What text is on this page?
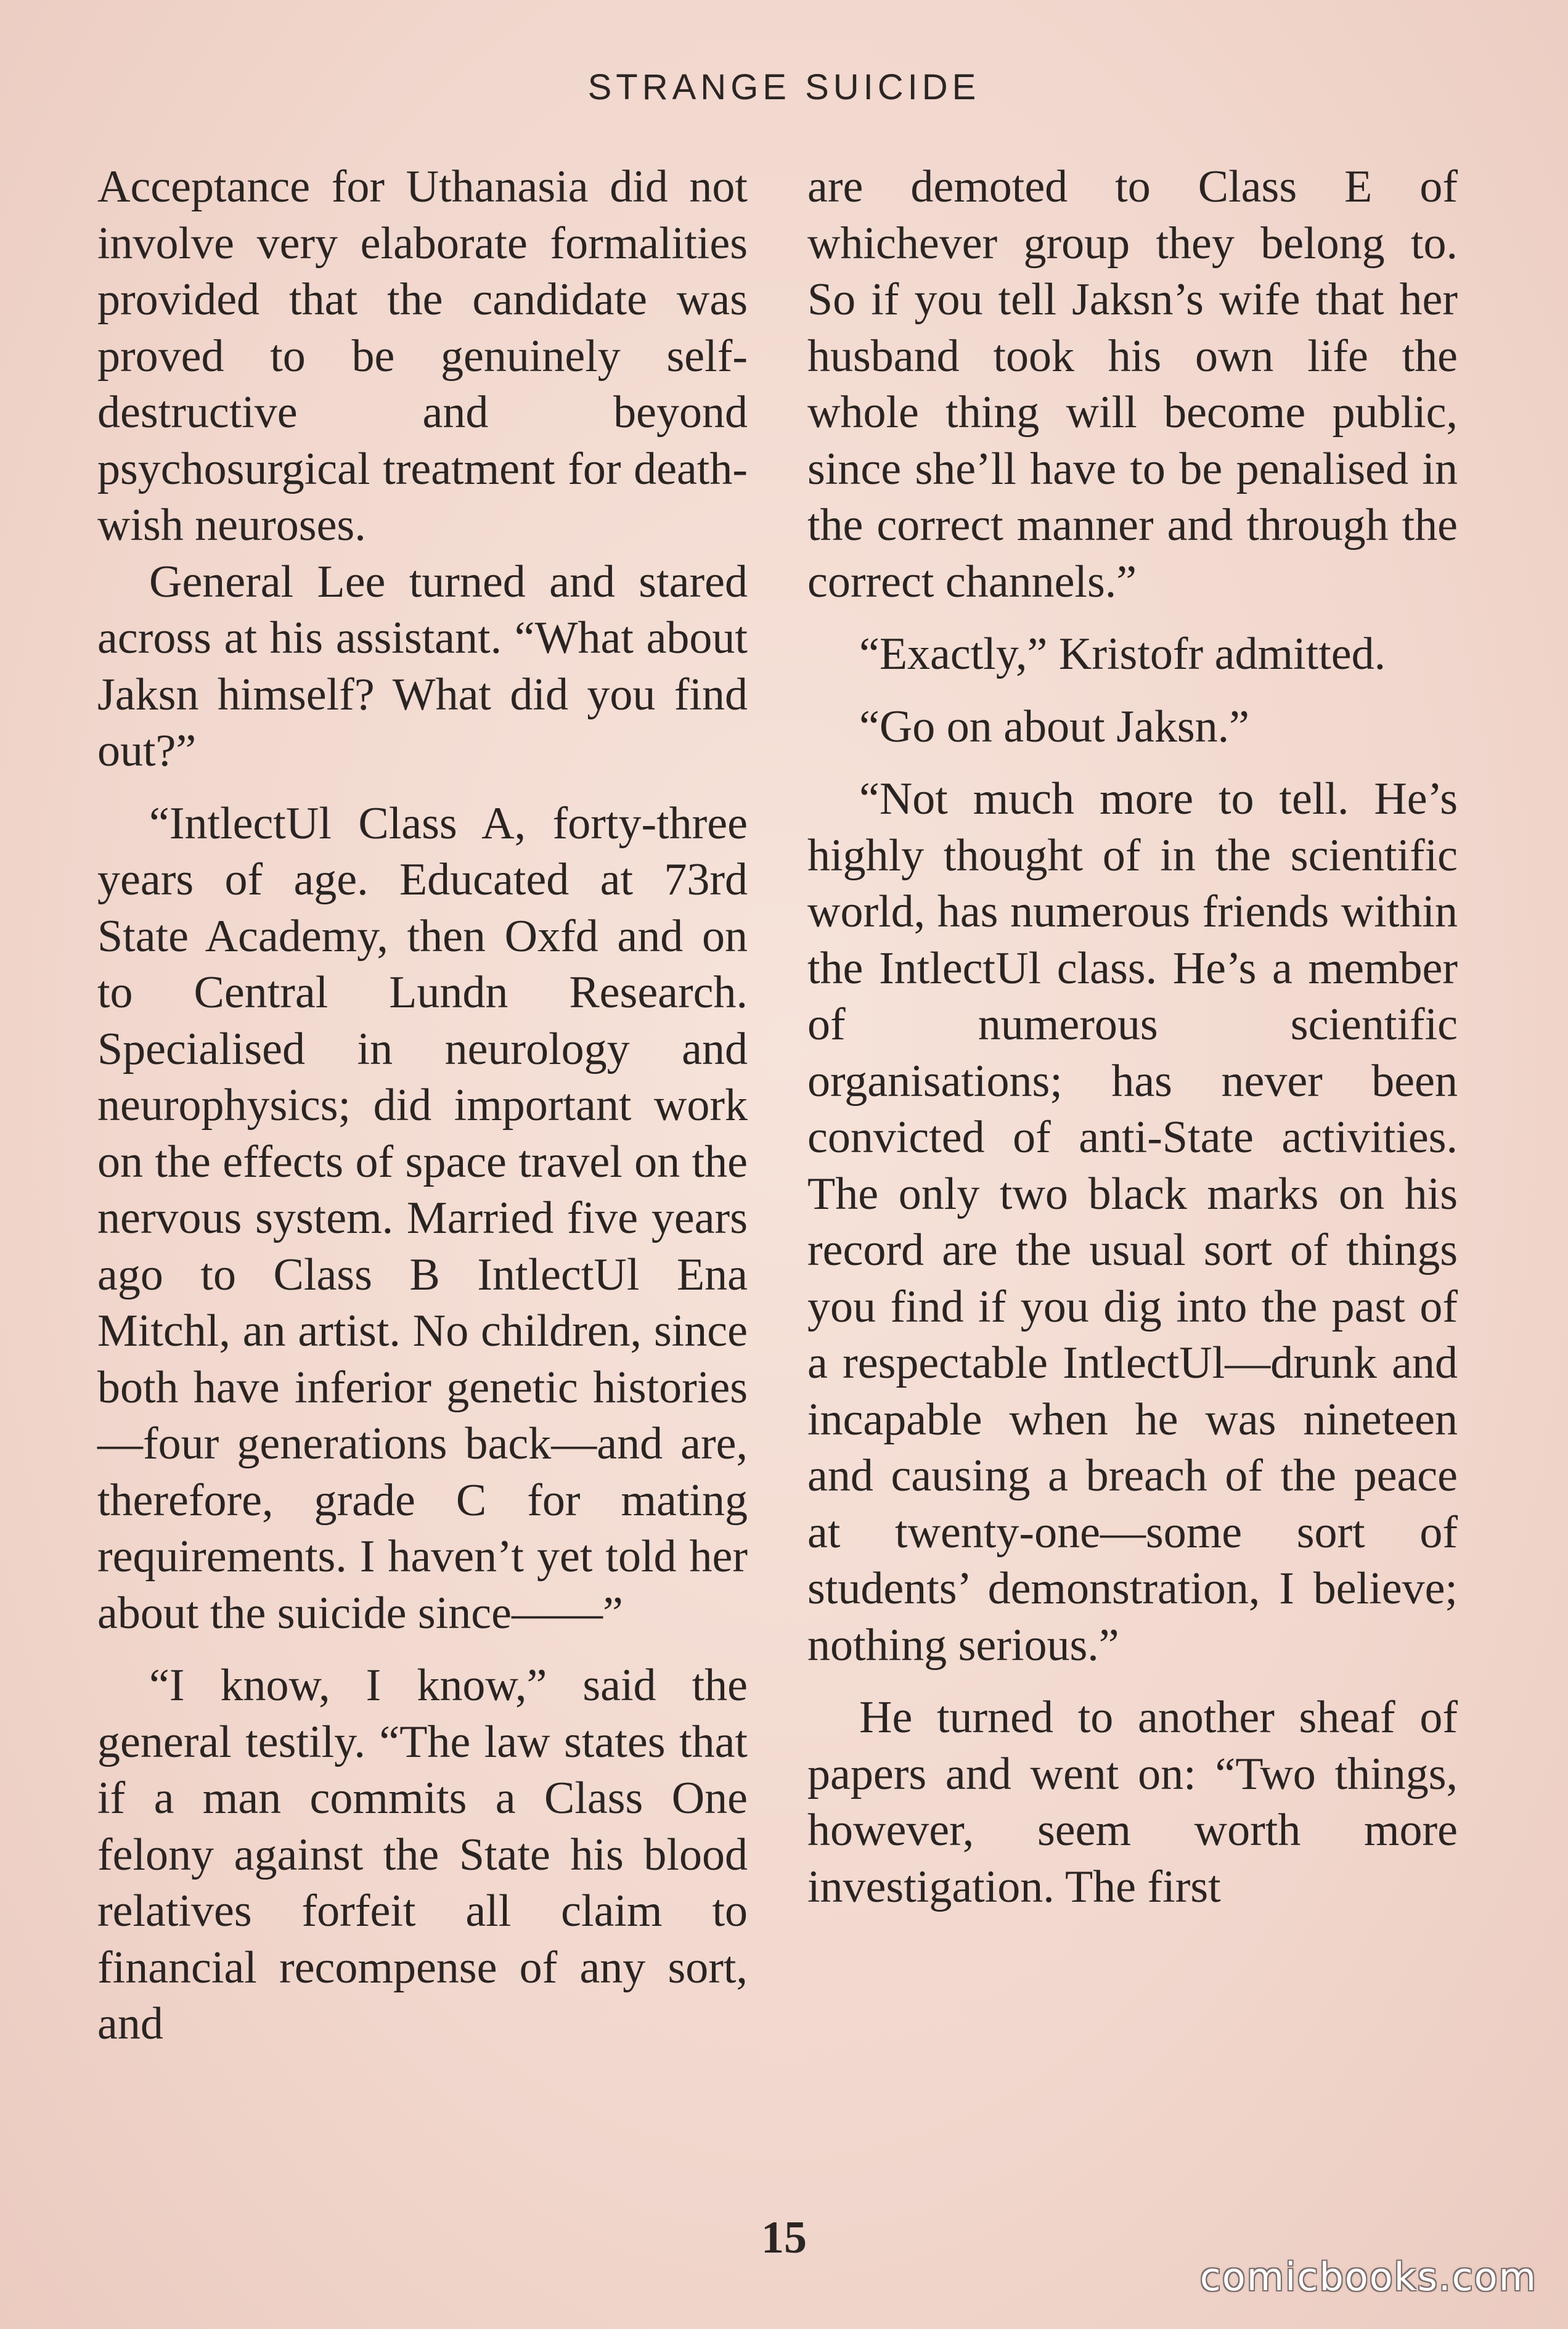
STRANGE SUICIDE

Acceptance for Uthanasia did not involve very elaborate formalities provided that the candidate was proved to be genuinely self-destructive and beyond psychosurgical treatment for death-wish neuroses.

General Lee turned and stared across at his assistant. “What about Jaksn himself? What did you find out?”

“IntlectUl Class A, forty-three years of age. Educated at 73rd State Academy, then Oxfd and on to Central Lundn Research. Specialised in neurology and neurophysics; did important work on the effects of space travel on the nervous system. Married five years ago to Class B IntlectUl Ena Mitchl, an artist. No children, since both have inferior genetic histories—four generations back—and are, therefore, grade C for mating requirements. I haven’t yet told her about the suicide since——”

“I know, I know,” said the general testily. “The law states that if a man commits a Class One felony against the State his blood relatives forfeit all claim to financial recompense of any sort, and

are demoted to Class E of whichever group they belong to. So if you tell Jaksn’s wife that her husband took his own life the whole thing will become public, since she’ll have to be penalised in the correct manner and through the correct channels.”

“Exactly,” Kristofr admitted.

“Go on about Jaksn.”

“Not much more to tell. He’s highly thought of in the scientific world, has numerous friends within the IntlectUl class. He’s a member of numerous scientific organisations; has never been convicted of anti-State activities. The only two black marks on his record are the usual sort of things you find if you dig into the past of a respectable IntlectUl—drunk and incapable when he was nineteen and causing a breach of the peace at twenty-one—some sort of students’ demonstration, I believe; nothing serious.”

He turned to another sheaf of papers and went on: “Two things, however, seem worth more investigation. The first

15
comicbooks.com
